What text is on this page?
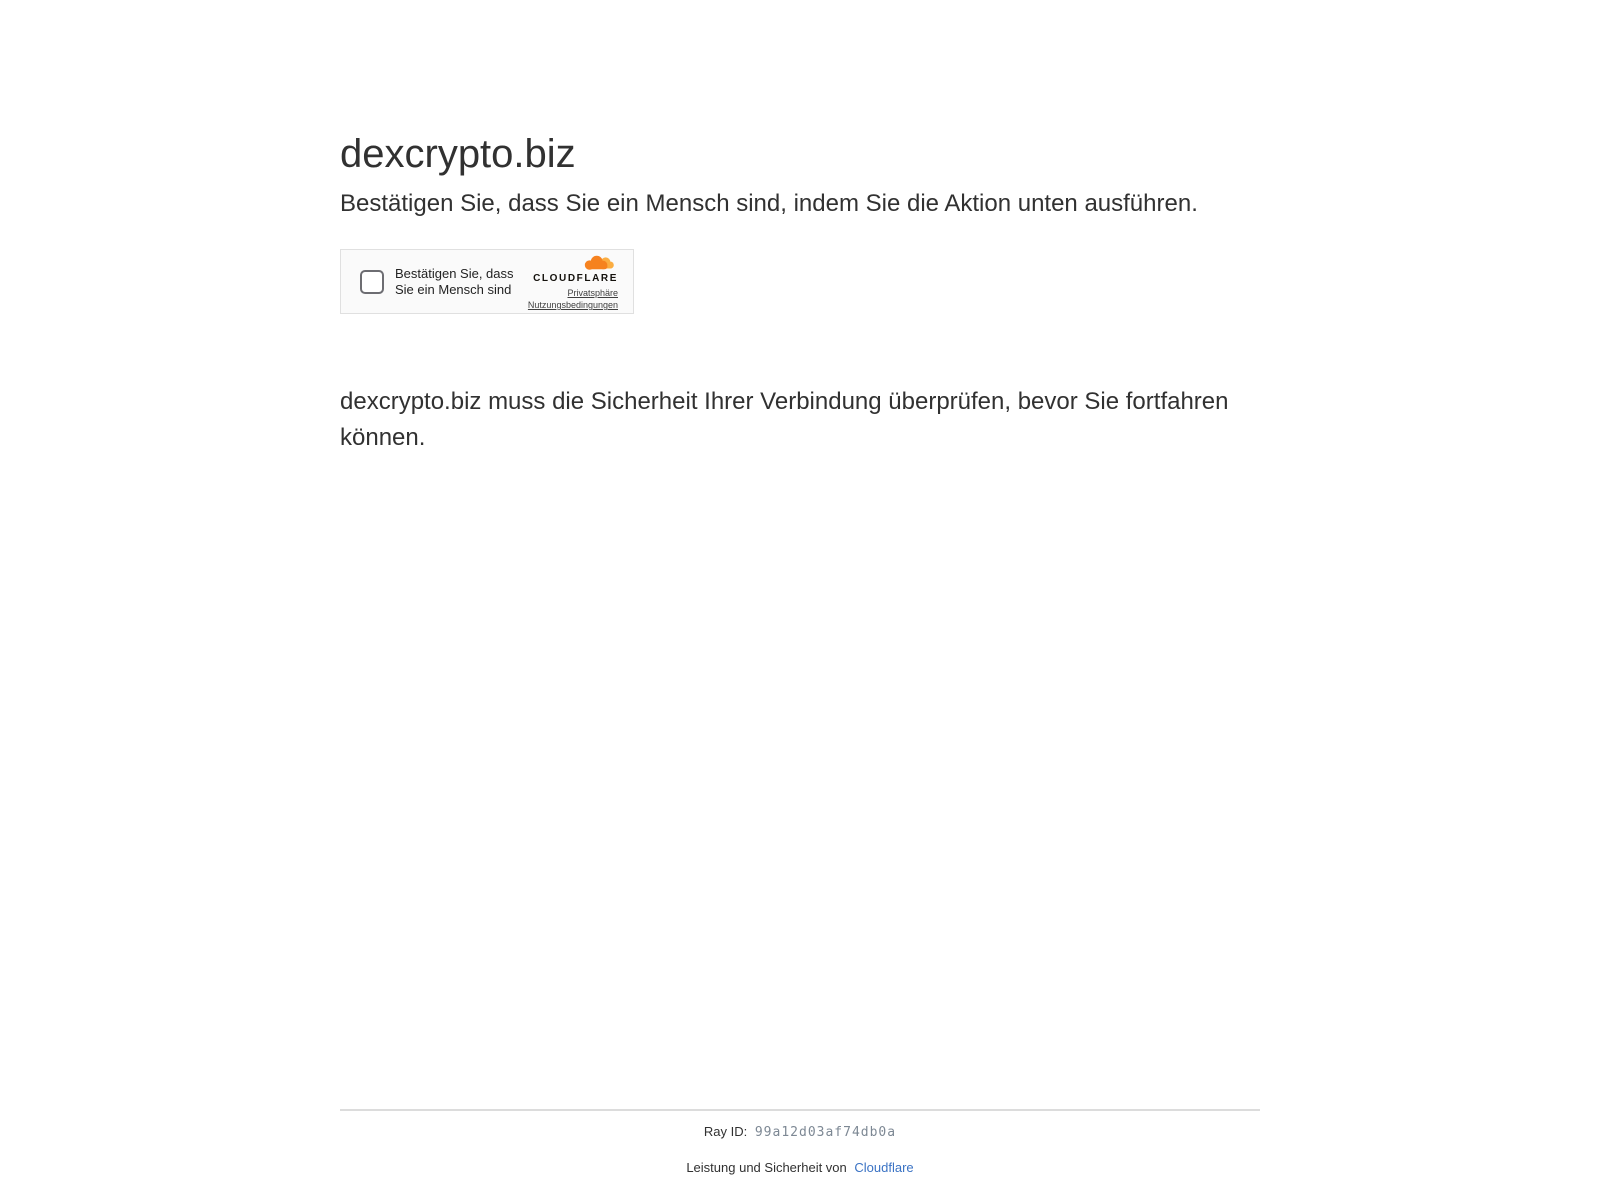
dexcrypto.biz
Bestätigen Sie, dass Sie ein Mensch sind, indem Sie die Aktion unten ausführen.
Bestätigen Sie, dass Sie ein Mensch sind
CLOUDFLARE
Privatsphäre
Nutzungsbedingungen

dexcrypto.biz muss die Sicherheit Ihrer Verbindung überprüfen, bevor Sie fortfahren können.

Ray ID: 99a12d03af74db0a
Leistung und Sicherheit von Cloudflare
